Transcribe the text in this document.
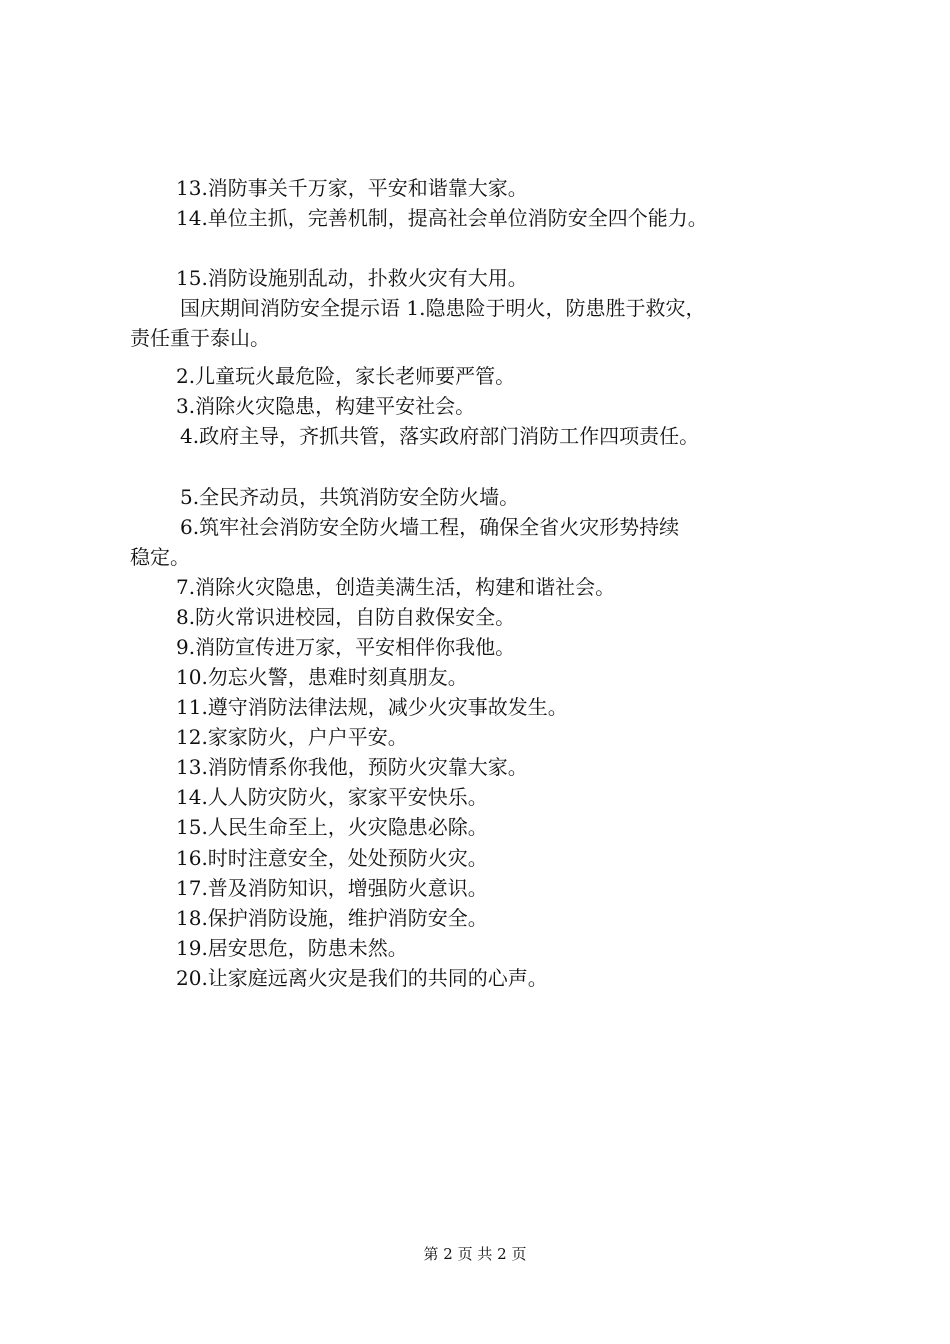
13.消防事关千万家，平安和谐靠大家。
14.单位主抓，完善机制，提高社会单位消防安全四个能力。
15.消防设施别乱动，扑救火灾有大用。
国庆期间消防安全提示语 1.隐患险于明火，防患胜于救灾，
责任重于泰山。
2.儿童玩火最危险，家长老师要严管。
3.消除火灾隐患，构建平安社会。
4.政府主导，齐抓共管，落实政府部门消防工作四项责任。
5.全民齐动员，共筑消防安全防火墙。
6.筑牢社会消防安全防火墙工程，确保全省火灾形势持续
稳定。
7.消除火灾隐患，创造美满生活，构建和谐社会。
8.防火常识进校园，自防自救保安全。
9.消防宣传进万家，平安相伴你我他。
10.勿忘火警，患难时刻真朋友。
11.遵守消防法律法规，减少火灾事故发生。
12.家家防火，户户平安。
13.消防情系你我他，预防火灾靠大家。
14.人人防灾防火，家家平安快乐。
15.人民生命至上，火灾隐患必除。
16.时时注意安全，处处预防火灾。
17.普及消防知识，增强防火意识。
18.保护消防设施，维护消防安全。
19.居安思危，防患未然。
20.让家庭远离火灾是我们的共同的心声。
第 2 页 共 2 页
